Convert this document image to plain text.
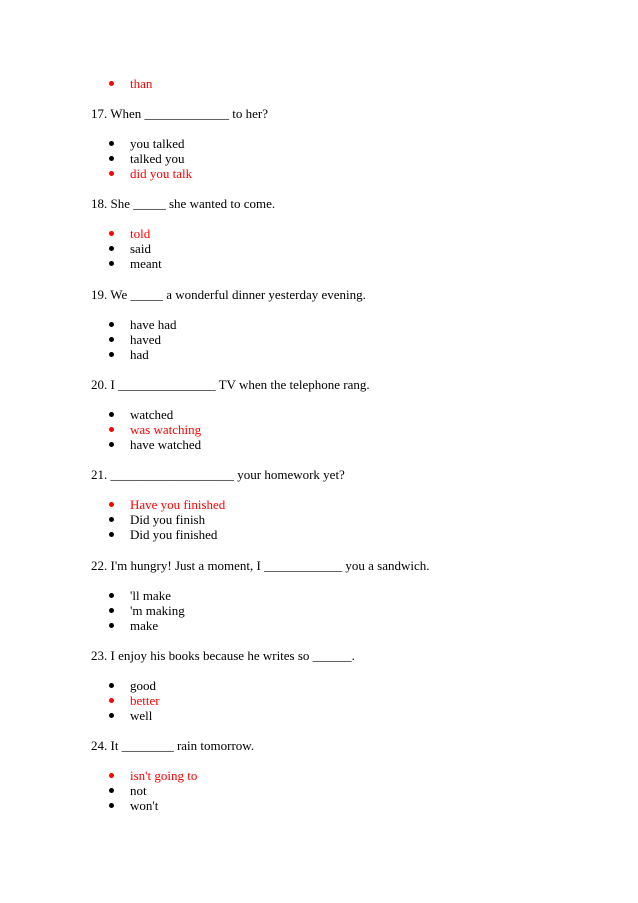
than

17. When _____________ to her?

you talked

talked you

did you talk

18. She _____ she wanted to come.

told

said

meant

19. We _____ a wonderful dinner yesterday evening.

have had

haved

had

20. I _______________ TV when the telephone rang.

watched

was watching

have watched

21. ___________________ your homework yet?

Have you finished

Did you finish

Did you finished

22. I'm hungry! Just a moment, I ____________ you a sandwich.

'll make

'm making

make

23. I enjoy his books because he writes so ______.

good

better

well

24. It ________ rain tomorrow.

isn't going to

not

won't
